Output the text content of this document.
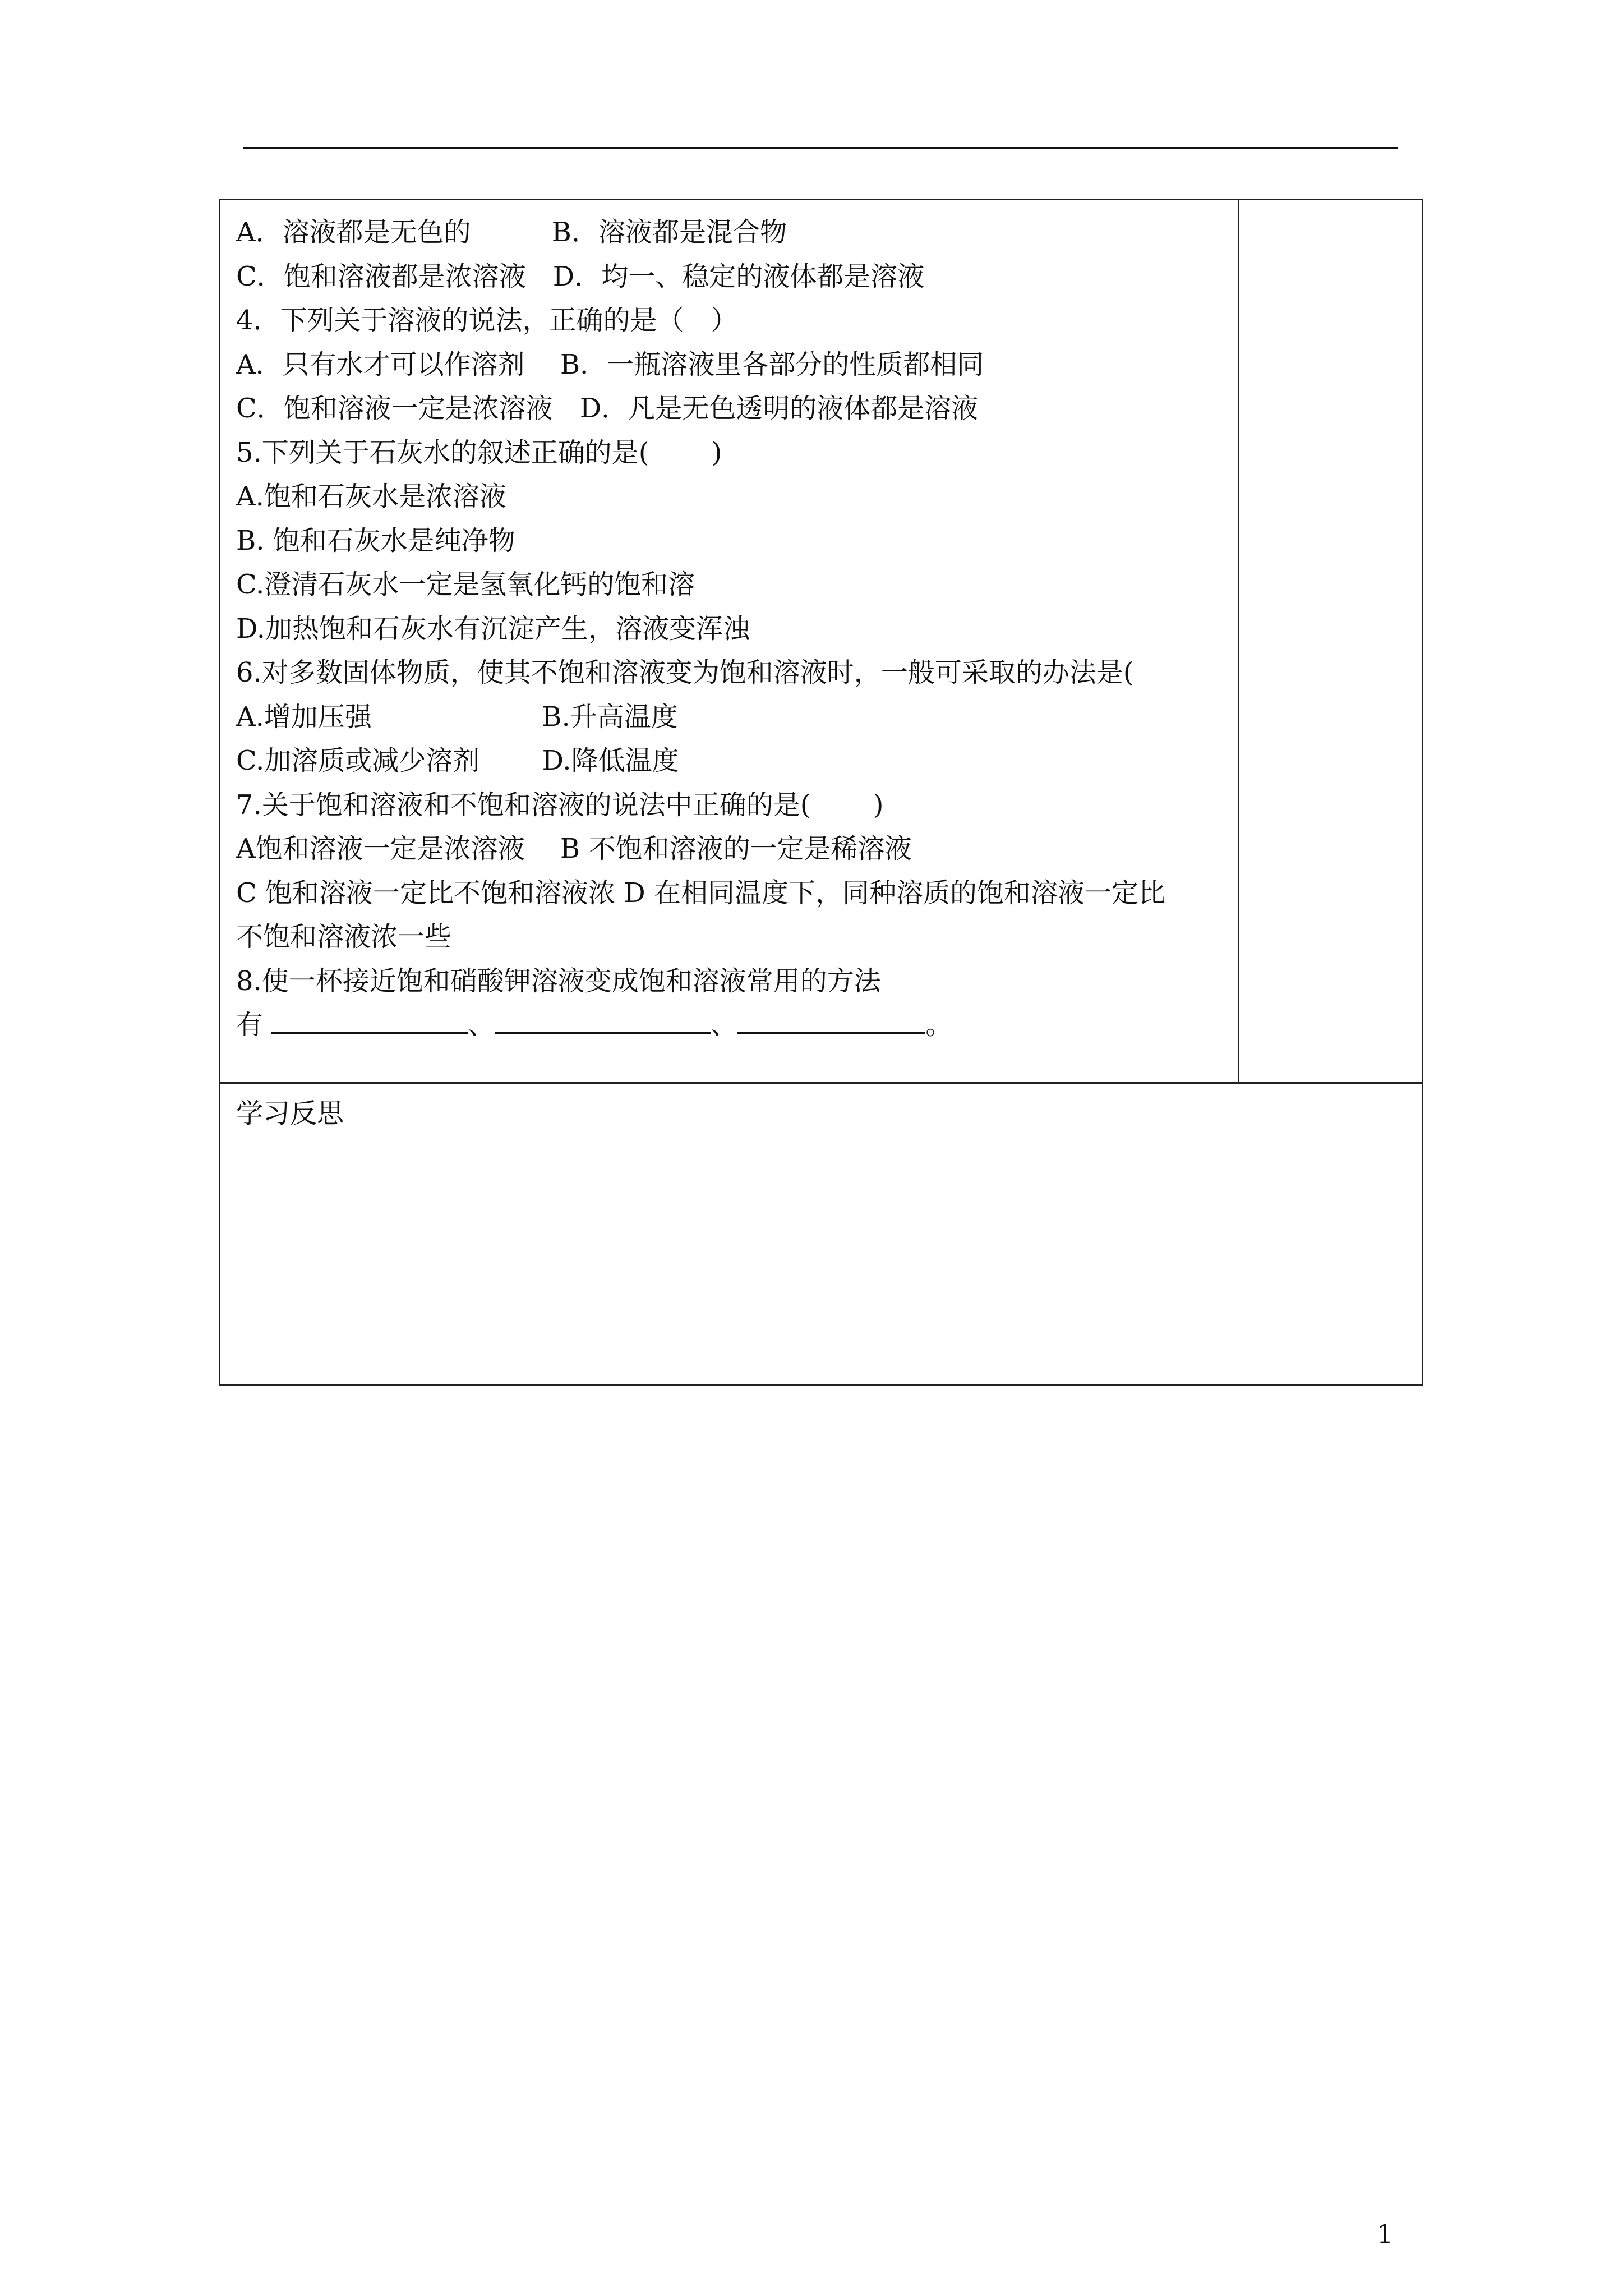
A．溶液都是无色的　　　B．溶液都是混合物
C．饱和溶液都是浓溶液　D．均一、稳定的液体都是溶液
4．下列关于溶液的说法，正确的是（　）
A．只有水才可以作溶剂　 B．一瓶溶液里各部分的性质都相同
C．饱和溶液一定是浓溶液　D．凡是无色透明的液体都是溶液
5.下列关于石灰水的叙述正确的是(　　 )
A.饱和石灰水是浓溶液
B. 饱和石灰水是纯净物
C.澄清石灰水一定是氢氧化钙的饱和溶
D.加热饱和石灰水有沉淀产生，溶液变浑浊
6.对多数固体物质，使其不饱和溶液变为饱和溶液时，一般可采取的办法是(
A.增加压强　　　　　　 B.升高温度
C.加溶质或减少溶剂　　 D.降低温度
7.关于饱和溶液和不饱和溶液的说法中正确的是(　　 )
A饱和溶液一定是浓溶液　 B 不饱和溶液的一定是稀溶液
C 饱和溶液一定比不饱和溶液浓 D 在相同温度下，同种溶质的饱和溶液一定比
不饱和溶液浓一些
8.使一杯接近饱和硝酸钾溶液变成饱和溶液常用的方法
有	、	、	。
学习反思
1
